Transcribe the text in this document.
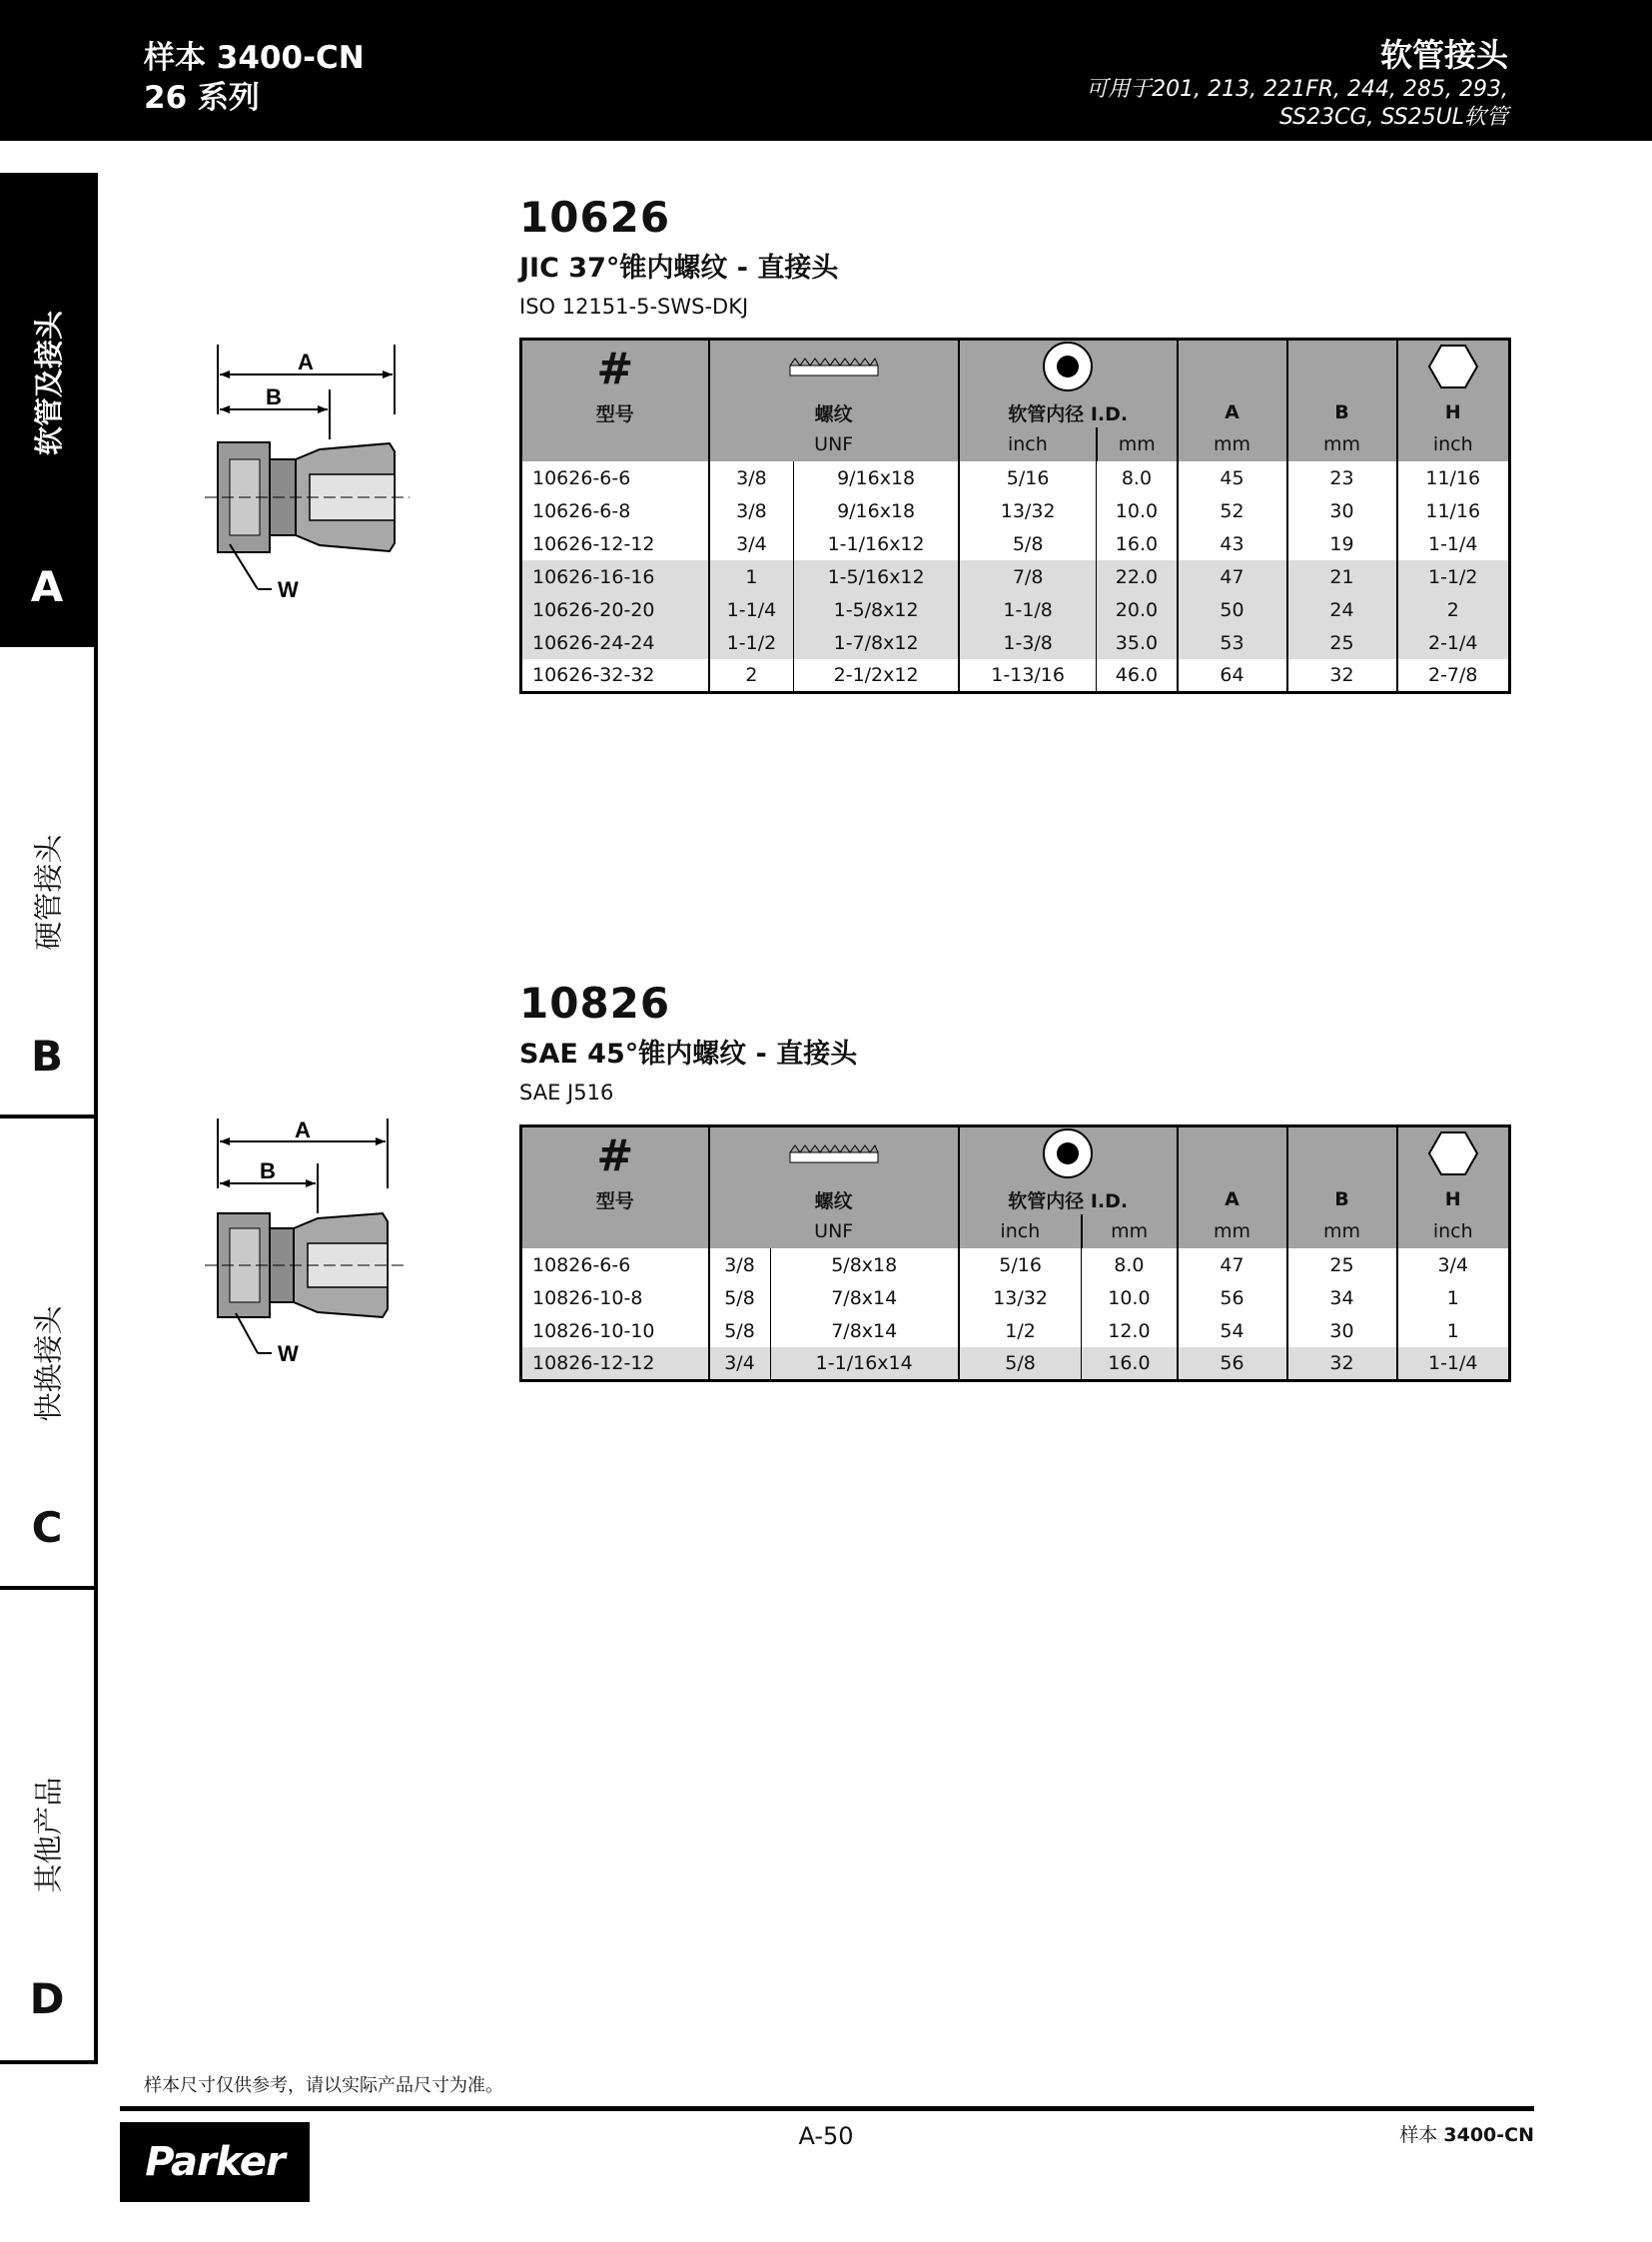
样本 3400-CN
26 系列
软管接头
可用于201, 213, 221FR, 244, 285, 293,
SS23CG, SS25UL软管
软管及接头
A
硬管接头
B
快换接头
C
其他产品
D
10626
JIC 37°锥内螺纹 - 直接头
ISO 12151-5-SWS-DKJ
A
B
W
#					
型号	螺纹		软管内径 I.D.		A	B	H
	UNF		inch	mm	mm	mm	inch
10626-6-6	3/8	9/16x18	5/16	8.0	45	23	11/16
10626-6-8	3/8	9/16x18	13/32	10.0	52	30	11/16
10626-12-12	3/4	1-1/16x12	5/8	16.0	43	19	1-1/4
10626-16-16	1	1-5/16x12	7/8	22.0	47	21	1-1/2
10626-20-20	1-1/4	1-5/8x12	1-1/8	20.0	50	24	2
10626-24-24	1-1/2	1-7/8x12	1-3/8	35.0	53	25	2-1/4
10626-32-32	2	2-1/2x12	1-13/16	46.0	64	32	2-7/8
10826
SAE 45°锥内螺纹 - 直接头
SAE J516
A
B
W
#					
型号	螺纹		软管内径 I.D.		A	B	H
	UNF		inch	mm	mm	mm	inch
10826-6-6	3/8	5/8x18	5/16	8.0	47	25	3/4
10826-10-8	5/8	7/8x14	13/32	10.0	56	34	1
10826-10-10	5/8	7/8x14	1/2	12.0	54	30	1
10826-12-12	3/4	1-1/16x14	5/8	16.0	56	32	1-1/4
样本尺寸仅供参考，请以实际产品尺寸为准。
Parker
A-50	样本 3400-CN
